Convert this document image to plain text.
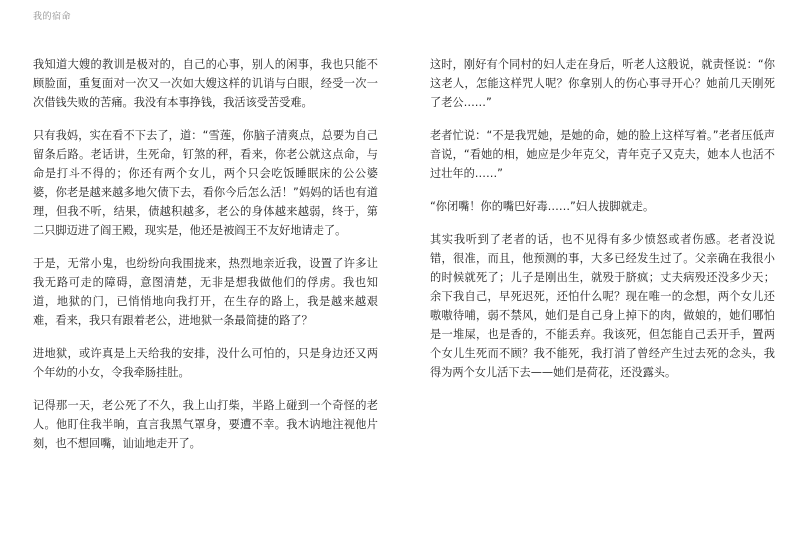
我的宿命

我知道大嫂的教训是极对的，自己的心事，别人的闲事，我也只能不顾脸面，重复面对一次又一次如大嫂这样的讥诮与白眼，经受一次一次借钱失败的苦痛。我没有本事挣钱，我活该受苦受难。

只有我妈，实在看不下去了，道：“雪莲，你脑子清爽点，总要为自己留条后路。老话讲，生死命，钉煞的秤，看来，你老公就这点命，与命是打斗不得的；你还有两个女儿，两个只会吃饭睡眠床的公公婆婆，你老是越来越多地欠债下去，看你今后怎么活！”妈妈的话也有道理，但我不听，结果，债越积越多，老公的身体越来越弱，终于，第二只脚迈进了阎王殿，现实是，他还是被阎王不友好地请走了。

于是，无常小鬼，也纷纷向我围拢来，热烈地亲近我，设置了许多让我无路可走的障碍，意图清楚，无非是想我做他们的俘虏。我也知道，地狱的门，已悄悄地向我打开，在生存的路上，我是越来越艰难，看来，我只有跟着老公，进地狱一条最简捷的路了？

进地狱，或许真是上天给我的安排，没什么可怕的，只是身边还又两个年幼的小女，令我牵肠挂肚。

记得那一天，老公死了不久，我上山打柴，半路上碰到一个奇怪的老人。他盯住我半晌，直言我黑气罩身，要遭不幸。我木讷地注视他片刻，也不想回嘴，讪讪地走开了。

这时，刚好有个同村的妇人走在身后，听老人这般说，就责怪说：“你这老人，怎能这样咒人呢？你拿别人的伤心事寻开心？她前几天刚死了老公……”

老者忙说：“不是我咒她，是她的命，她的脸上这样写着。”老者压低声音说，“看她的相，她应是少年克父，青年克子又克夫，她本人也活不过壮年的……”

“你闭嘴！你的嘴巴好毒……”妇人拔脚就走。

其实我听到了老者的话，也不见得有多少愤怒或者伤感。老者没说错，很准，而且，他预测的事，大多已经发生过了。父亲确在我很小的时候就死了；儿子是刚出生，就殁于脐疯；丈夫病殁还没多少天；余下我自己，早死迟死，还怕什么呢？现在唯一的念想，两个女儿还嗷嗷待哺，弱不禁风，她们是自己身上掉下的肉，做娘的，她们哪怕是一堆屎，也是香的，不能丢弃。我该死，但怎能自己丢开手，置两个女儿生死而不顾？我不能死，我打消了曾经产生过去死的念头，我得为两个女儿活下去——她们是荷花，还没露头。
